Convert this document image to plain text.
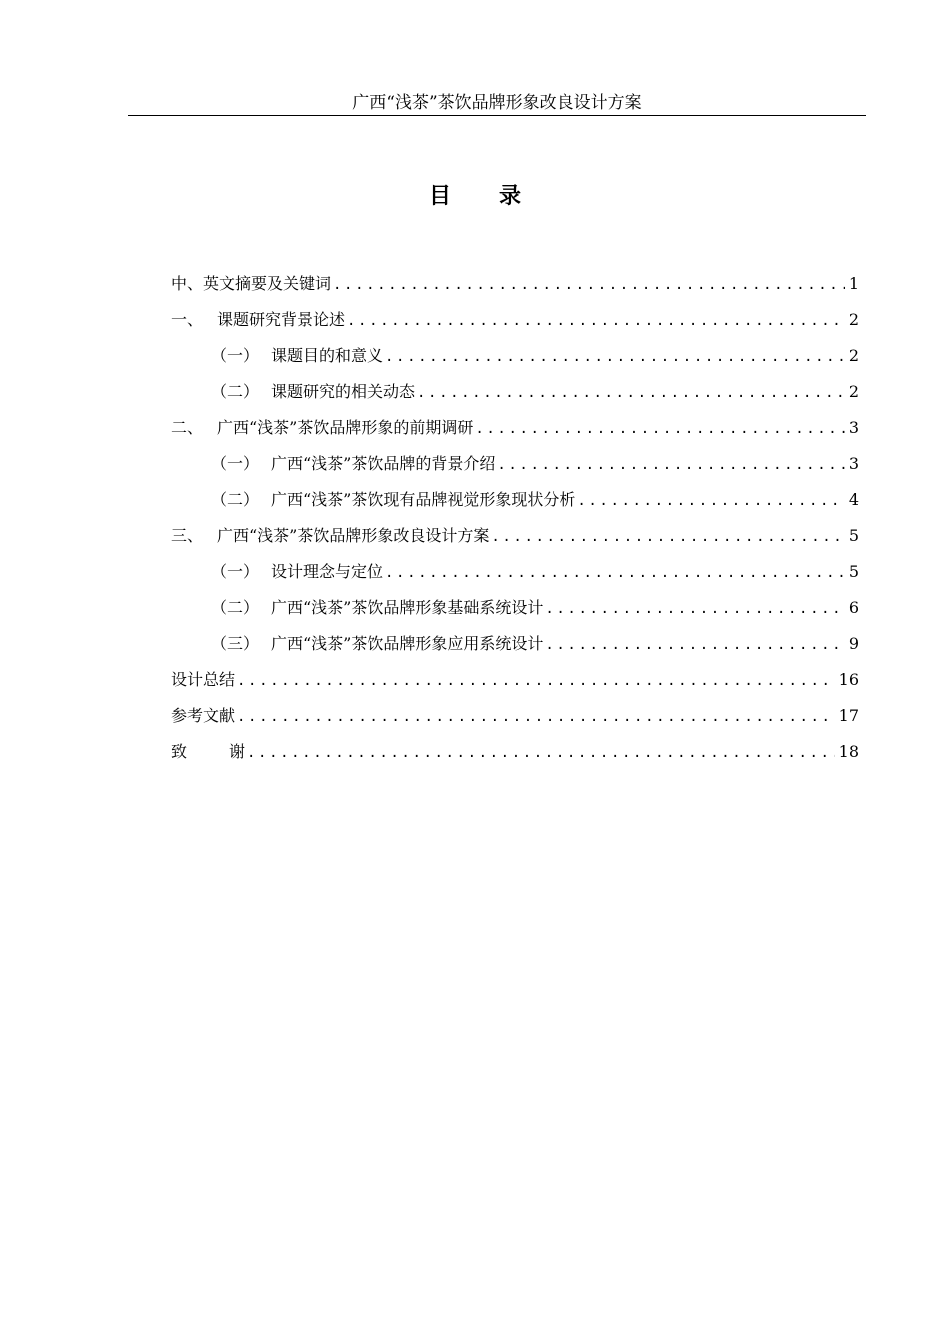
广西“浅茶”茶饮品牌形象改良设计方案
目 录
中、英文摘要及关键词 .....	1
一、 课题研究背景论述 .....	2
（一） 课题目的和意义 .....	2
（二） 课题研究的相关动态 .....	2
二、 广西“浅茶”茶饮品牌形象的前期调研 .....	3
（一） 广西“浅茶”茶饮品牌的背景介绍 .....	3
（二） 广西“浅茶”茶饮现有品牌视觉形象现状分析 .....	4
三、 广西“浅茶”茶饮品牌形象改良设计方案 .....	5
（一） 设计理念与定位 .....	5
（二） 广西“浅茶”茶饮品牌形象基础系统设计 .....	6
（三） 广西“浅茶”茶饮品牌形象应用系统设计 .....	9
设计总结 .....	16
参考文献 .....	17
致	谢 .....	18
